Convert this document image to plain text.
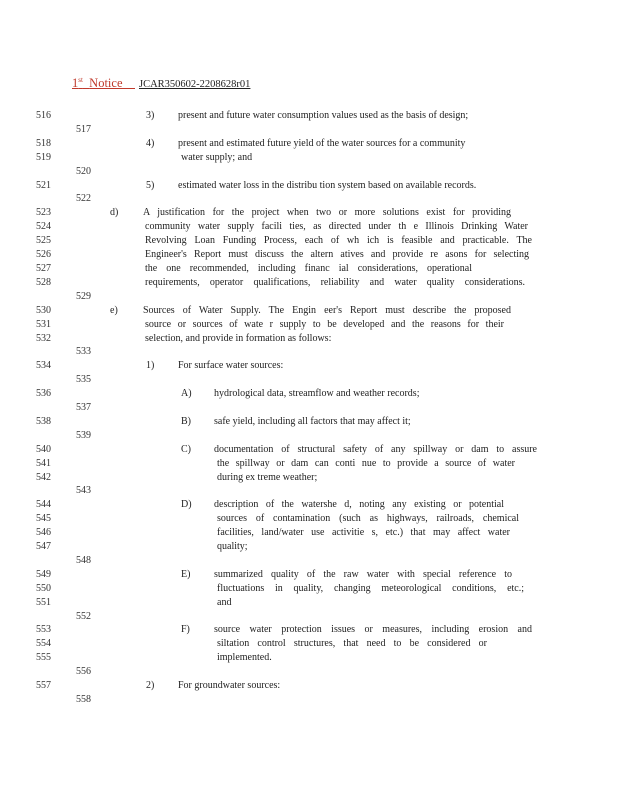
1st Notice JCAR350602-2208628r01
516
517
518
519
520
521
522
523
524
525
526
527
528
529
530
531
532
533
534
535
536
537
538
539
540
541
542
543
544
545
546
547
548
549
550
551
552
553
554
555
556
557
558
3) present and future water consumption values used as the basis of design;
4) present and estimated future yield of the water sources for a community
water supply; and
5) estimated water loss in the distribu tion system based on available records.
d) A justification for the project when two or more solutions exist for providing
community water supply facili ties, as directed under th e Illinois Drinking Water
Revolving Loan Funding Process, each of wh ich is feasible and practicable. The
Engineer's Report must discuss the altern atives and provide re asons for selecting
the one recommended, including financ ial considerations, operational
requirements, operator qualifications, reliability and water quality considerations.
e)	Sources of Water Supply. The Engin eer's Report must describe the proposed
source or sources of wate r supply to be developed and the reasons for their
selection, and provide in formation as follows:
1) For surface water sources:
A) hydrological data, streamflow and weather records;
B) safe yield, including all factors that may affect it;
C) documentation of structural safety of any spillway or dam to assure
the spillway or dam can conti nue to provide a source of water
during ex treme weather;
D) description of the watershe d, noting any existing or potential
sources of contamination (such as highways, railroads, chemical
facilities, land/water use activitie s, etc.) that may affect water
quality;
E) summarized quality of the raw water with special reference to
fluctuations in quality, changing meteorological conditions, etc.;
and
F) source water protection issues or measures, including erosion and
siltation control structures, that need to be considered or
implemented.
2) For groundwater sources:
